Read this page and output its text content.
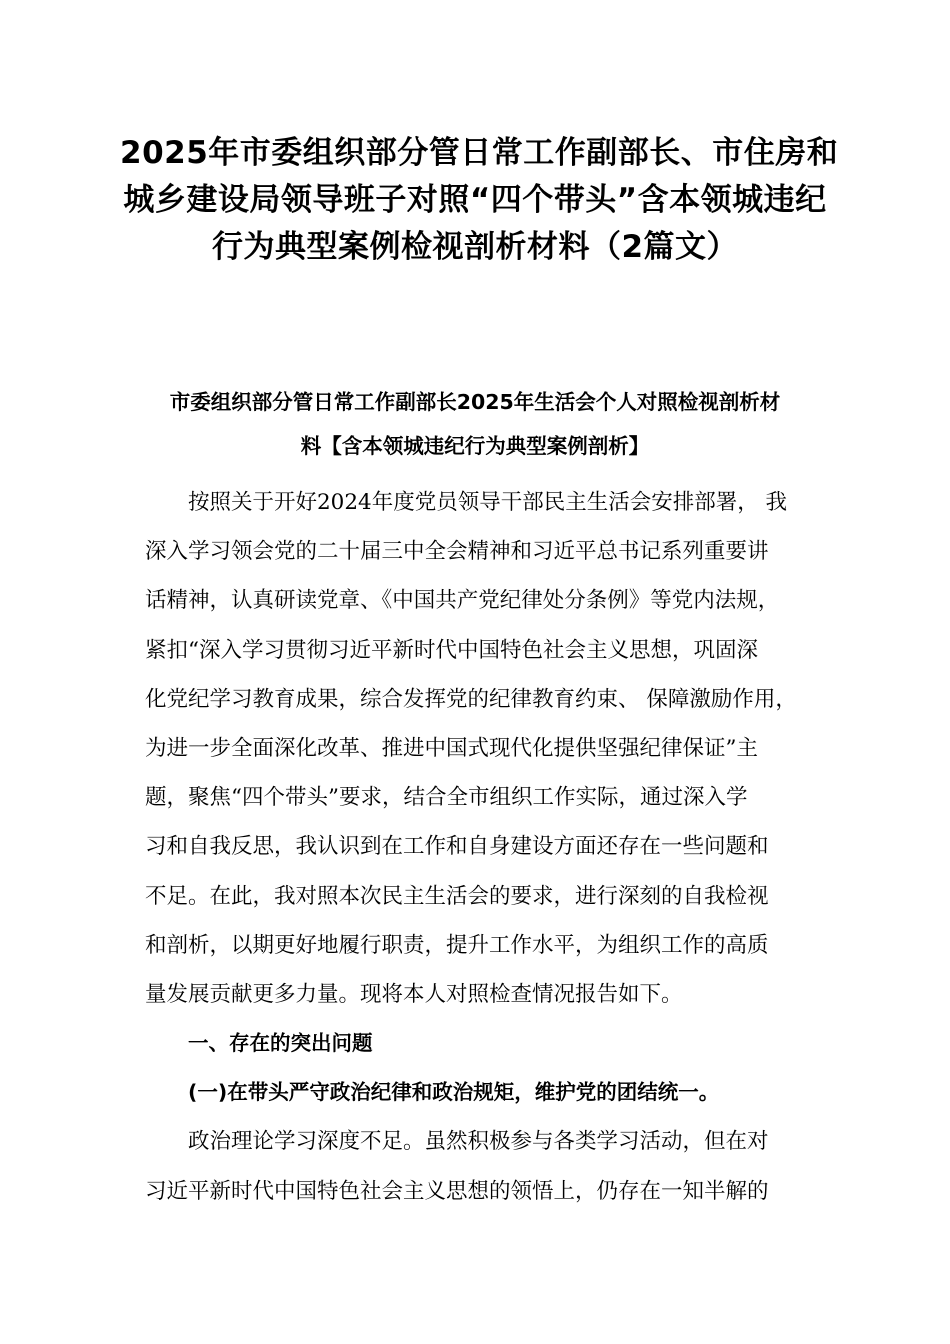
2025年市委组织部分管日常工作副部长、市住房和
城乡建设局领导班子对照“四个带头”含本领城违纪
行为典型案例检视剖析材料（2篇文）
市委组织部分管日常工作副部长2025年生活会个人对照检视剖析材
料【含本领城违纪行为典型案例剖析】
按照关于开好2024年度党员领导干部民主生活会安排部署， 我
深入学习领会党的二十届三中全会精神和习近平总书记系列重要讲
话精神，认真研读党章、《中国共产党纪律处分条例》等党内法规，
紧扣“深入学习贯彻习近平新时代中国特色社会主义思想，巩固深
化党纪学习教育成果，综合发挥党的纪律教育约束、 保障激励作用，
为进一步全面深化改革、推进中国式现代化提供坚强纪律保证”主
题，聚焦“四个带头”要求，结合全市组织工作实际，通过深入学
习和自我反思，我认识到在工作和自身建设方面还存在一些问题和
不足。在此，我对照本次民主生活会的要求，进行深刻的自我检视
和剖析，以期更好地履行职责，提升工作水平，为组织工作的高质
量发展贡献更多力量。现将本人对照检查情况报告如下。
一、存在的突出问题
(一)在带头严守政治纪律和政治规矩，维护党的团结统一。
政治理论学习深度不足。虽然积极参与各类学习活动，但在对
习近平新时代中国特色社会主义思想的领悟上，仍存在一知半解的
